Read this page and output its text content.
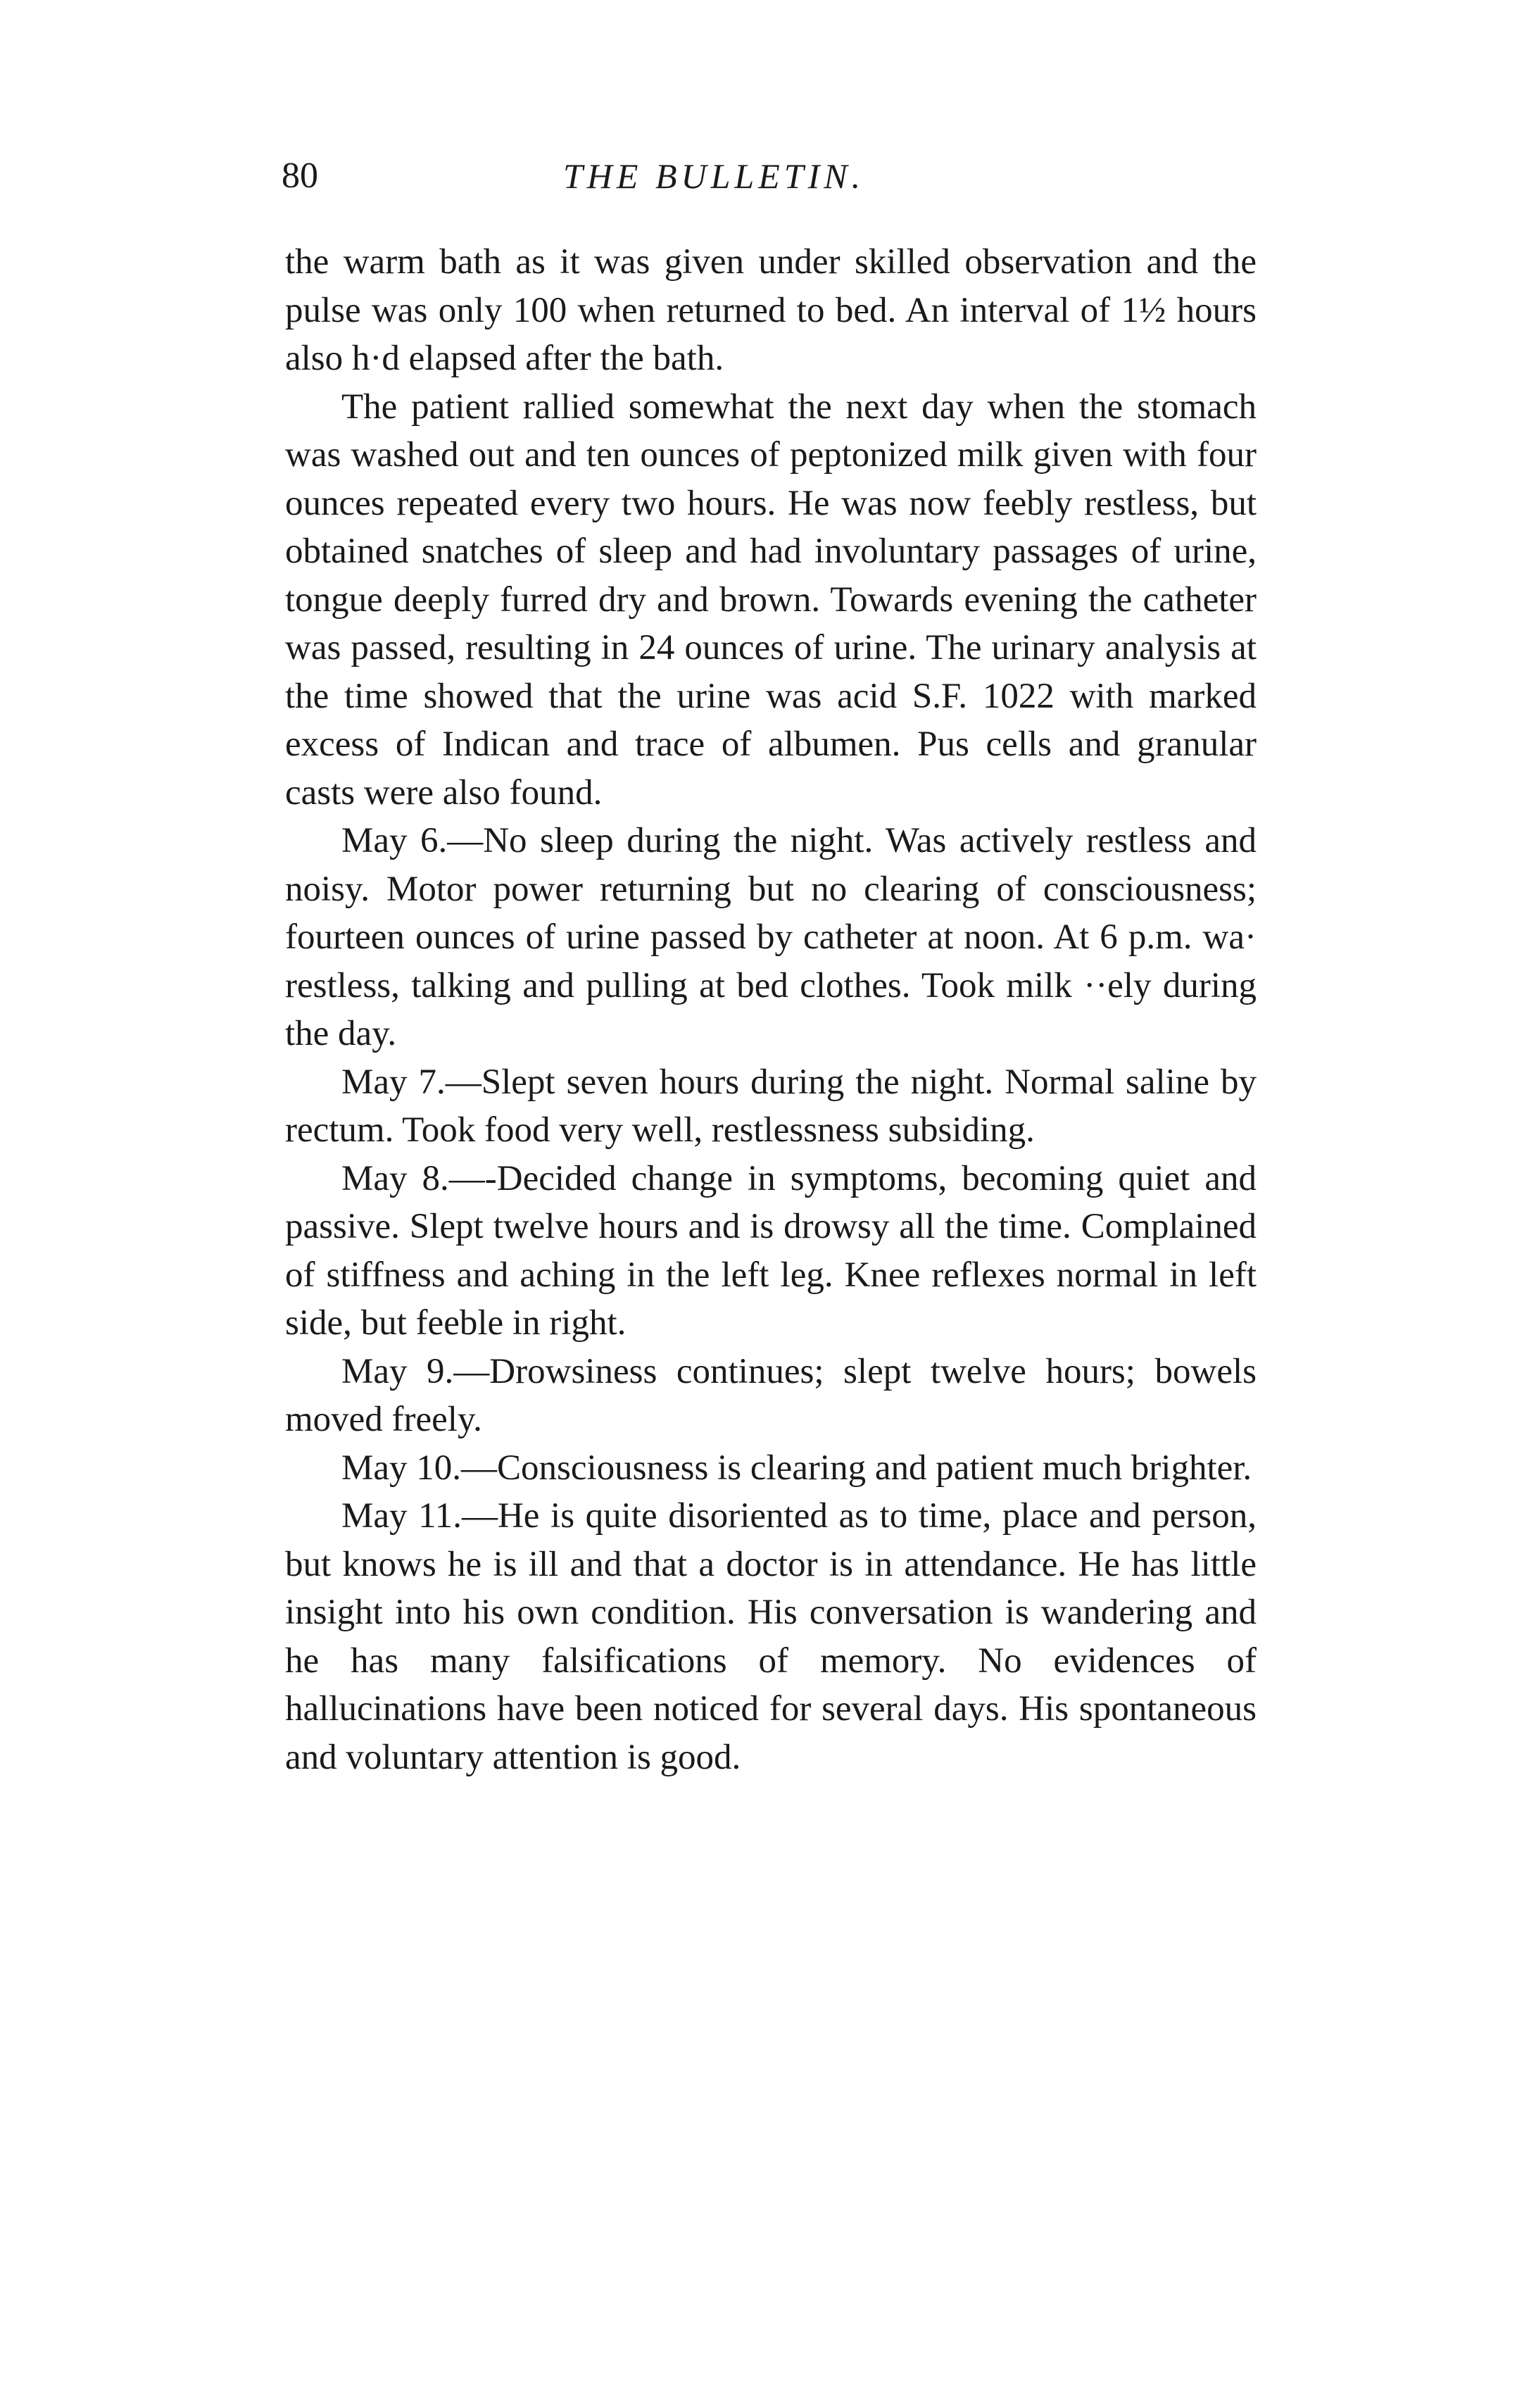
80	THE BULLETIN.

the warm bath as it was given under skilled observation and the pulse was only 100 when returned to bed. An interval of 1½ hours also h·d elapsed after the bath.

The patient rallied somewhat the next day when the stomach was washed out and ten ounces of peptonized milk given with four ounces repeated every two hours. He was now feebly restless, but obtained snatches of sleep and had involuntary passages of urine, tongue deeply furred dry and brown. Towards evening the catheter was passed, resulting in 24 ounces of urine. The urinary analysis at the time showed that the urine was acid S.F. 1022 with marked excess of Indican and trace of albumen. Pus cells and granular casts were also found.

May 6.—No sleep during the night. Was actively restless and noisy. Motor power returning but no clearing of consciousness; fourteen ounces of urine passed by catheter at noon. At 6 p.m. wa· restless, talking and pulling at bed clothes. Took milk ··ely during the day.

May 7.—Slept seven hours during the night. Normal saline by rectum. Took food very well, restlessness subsiding.

May 8.—-Decided change in symptoms, becoming quiet and passive. Slept twelve hours and is drowsy all the time. Complained of stiffness and aching in the left leg. Knee reflexes normal in left side, but feeble in right.

May 9.—Drowsiness continues; slept twelve hours; bowels moved freely.

May 10.—Consciousness is clearing and patient much brighter.

May 11.—He is quite disoriented as to time, place and person, but knows he is ill and that a doctor is in attendance. He has little insight into his own condition. His conversation is wandering and he has many falsifications of memory. No evidences of hallucinations have been noticed for several days. His spontaneous and voluntary attention is good.
